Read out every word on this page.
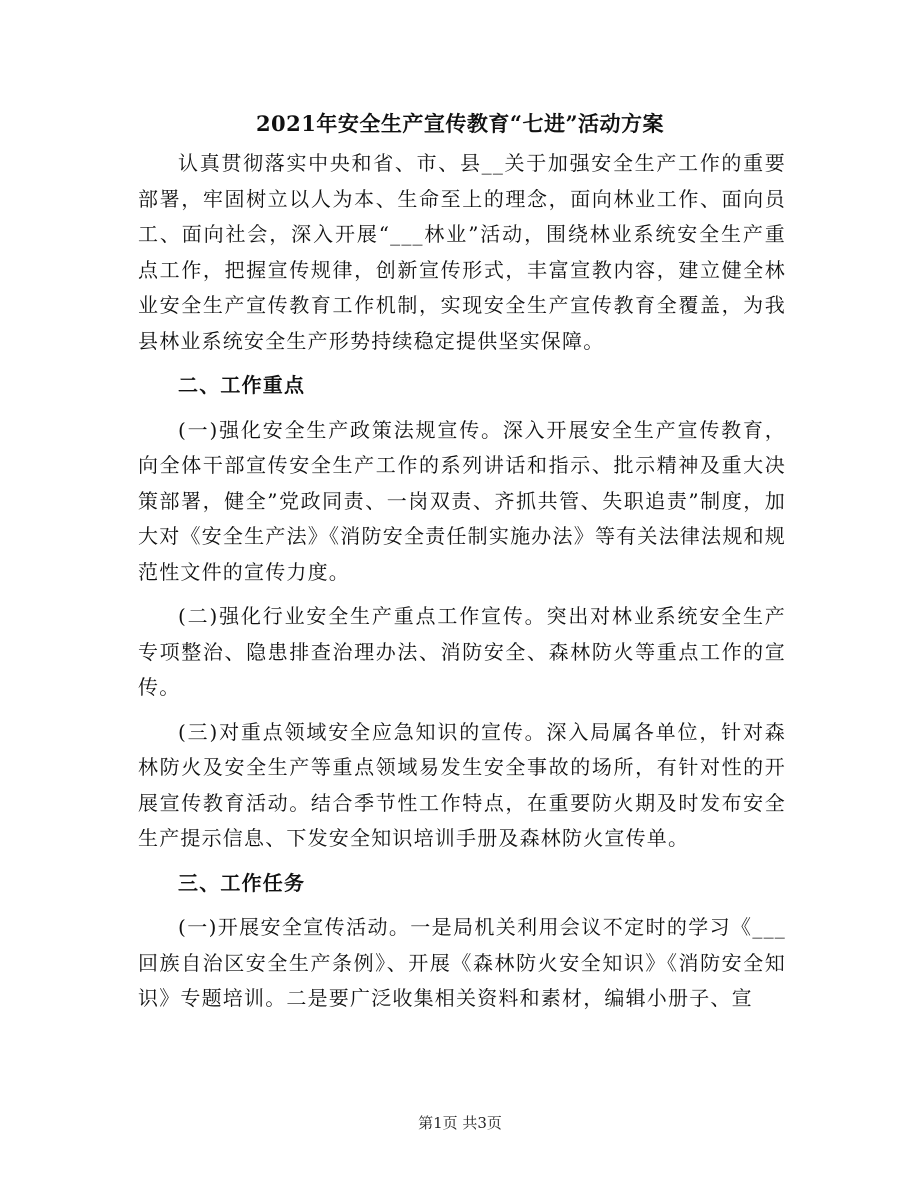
2021年安全生产宣传教育“七进”活动方案

认真贯彻落实中央和省、市、县__关于加强安全生产工作的重要部署，牢固树立以人为本、生命至上的理念，面向林业工作、面向员工、面向社会，深入开展“___林业”活动，围绕林业系统安全生产重点工作，把握宣传规律，创新宣传形式，丰富宣教内容，建立健全林业安全生产宣传教育工作机制，实现安全生产宣传教育全覆盖，为我县林业系统安全生产形势持续稳定提供坚实保障。

二、工作重点

(一)强化安全生产政策法规宣传。深入开展安全生产宣传教育，向全体干部宣传安全生产工作的系列讲话和指示、批示精神及重大决策部署，健全”党政同责、一岗双责、齐抓共管、失职追责”制度，加大对《安全生产法》《消防安全责任制实施办法》等有关法律法规和规范性文件的宣传力度。

(二)强化行业安全生产重点工作宣传。突出对林业系统安全生产专项整治、隐患排查治理办法、消防安全、森林防火等重点工作的宣传。

(三)对重点领域安全应急知识的宣传。深入局属各单位，针对森林防火及安全生产等重点领域易发生安全事故的场所，有针对性的开展宣传教育活动。结合季节性工作特点，在重要防火期及时发布安全生产提示信息、下发安全知识培训手册及森林防火宣传单。

三、工作任务

(一)开展安全宣传活动。一是局机关利用会议不定时的学习《___回族自治区安全生产条例》、开展《森林防火安全知识》《消防安全知识》专题培训。二是要广泛收集相关资料和素材，编辑小册子、宣

第1页 共3页
